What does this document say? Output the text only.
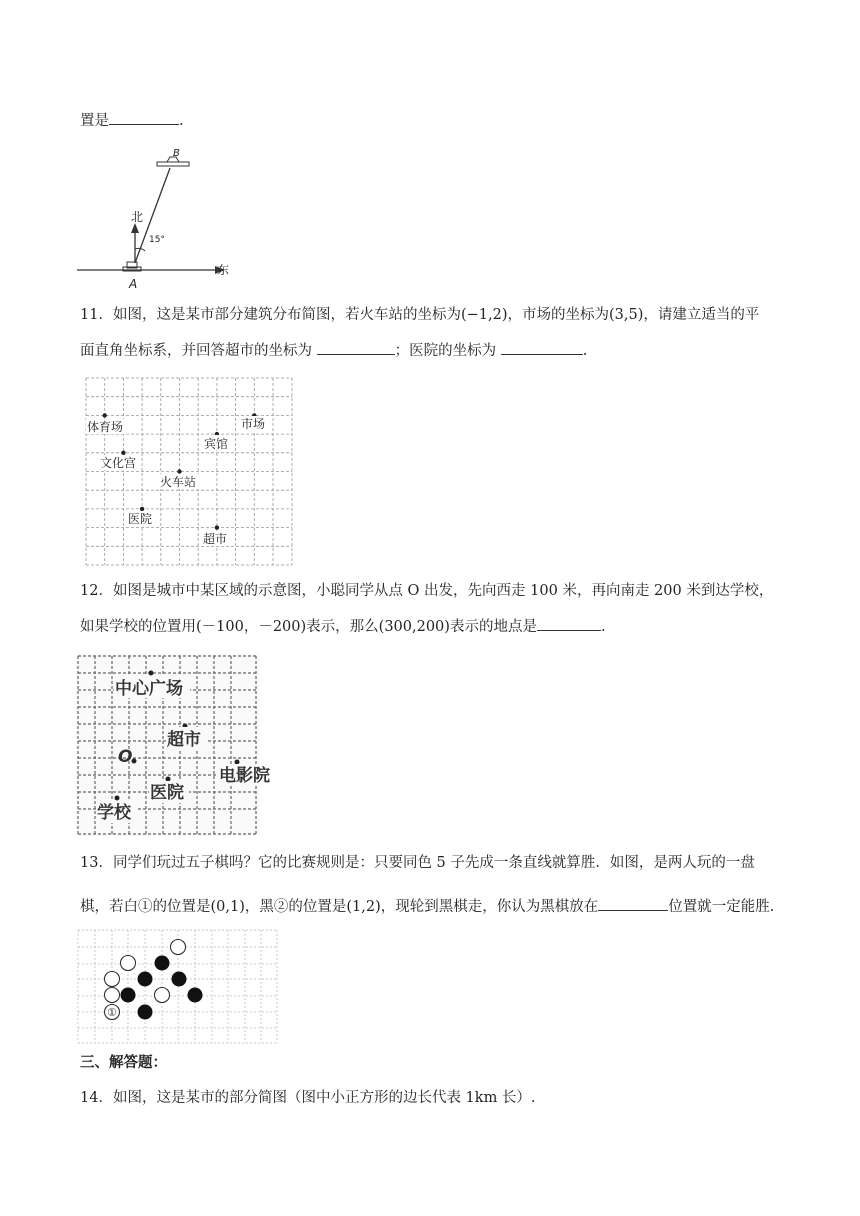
置是	.
东
A
北
15°
B
11．如图，这是某市部分建筑分布简图，若火车站的坐标为(−1,2)，市场的坐标为(3,5)，请建立适当的平
面直角坐标系，并回答超市的坐标为	；医院的坐标为	.
体育场	市场
宾馆
文化宫
火车站
医院
超市
12．如图是城市中某区域的示意图，小聪同学从点 O 出发，先向西走 100 米，再向南走 200 米到达学校，
如果学校的位置用(－100，－200)表示，那么(300,200)表示的地点是	.
中心广场
超市
O
电影院
医院
学校
13．同学们玩过五子棋吗？它的比赛规则是：只要同色 5 子先成一条直线就算胜．如图，是两人玩的一盘
棋，若白①的位置是(0,1)，黑②的位置是(1,2)，现轮到黑棋走，你认为黑棋放在	位置就一定能胜.
①
三、解答题：
14．如图，这是某市的部分简图（图中小正方形的边长代表 1km 长）.
